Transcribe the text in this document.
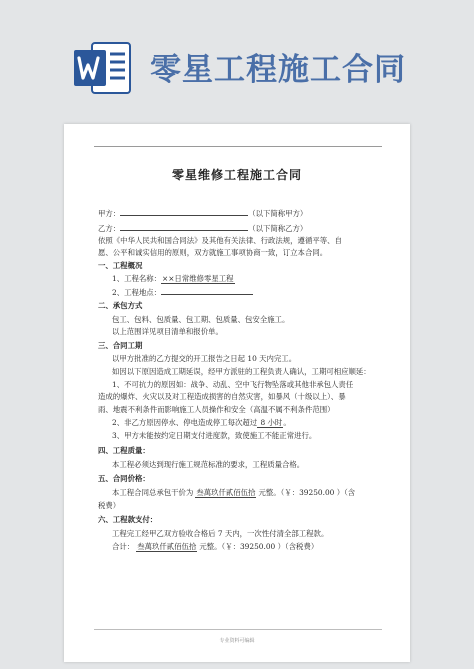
零星工程施工合同
零星维修工程施工合同
甲方：	（以下简称甲方）
乙方：	（以下简称乙方）
依照《中华人民共和国合同法》及其他有关法律、行政法规，遵循平等、自
愿、公平和诚实信用的原则，双方就施工事项协商一致，订立本合同。
一、工程概况
1、工程名称：××日常维修零星工程
2、工程地点：
二、承包方式
包工、包料、包质量、包工期、包质量、包安全施工。
以上范围详见项目清单和报价单。
三、合同工期
以甲方批准的乙方提交的开工报告之日起 10 天内完工。
如因以下原因造成工期延误，经甲方派驻的工程负责人确认，工期可相应顺延：
1、不可抗力的原因如：战争、动乱、空中飞行物坠落或其他非承包人责任
造成的爆炸、火灾以及对工程造成损害的自然灾害，如暴风（十级以上）、暴
雨、地震不利条件而影响施工人员操作和安全（高温不属不利条件范围）
2、非乙方原因停水、停电造成停工每次超过 8 小时。
3、甲方未能按约定日期支付进度款，致使施工不能正常进行。
四、工程质量：
本工程必须达到现行施工规范标准的要求，工程质量合格。
五、合同价格：
本工程合同总承包干价为 叁萬玖仟貳佰伍拾 元整。（￥：39250.00 ）（含
税费）
六、工程款支付：
工程完工经甲乙双方验收合格后 7 天内，一次性付清全部工程款。
合计： 叁萬玖仟貳佰伍拾 元整。（￥：39250.00 ）（含税费）
专业资料可编辑
